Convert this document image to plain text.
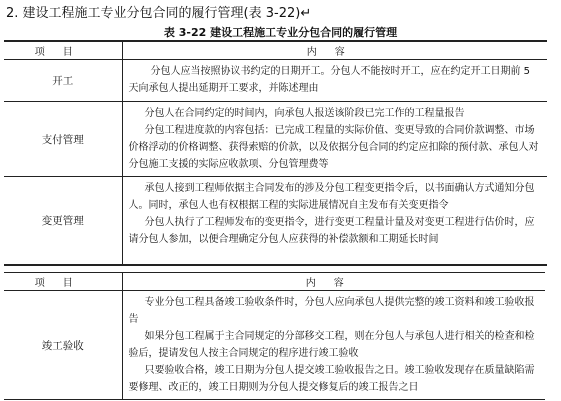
2. 建设工程施工专业分包合同的履行管理(表 3-22)↵
表 3-22 建设工程施工专业分包合同的履行管理
项目	内容
开工	分包人应当按照协议书约定的日期开工。分包人不能按时开工，应在约定开工日期前 5 天向承包人提出延期开工要求，并陈述理由

支付管理	分包人在合同约定的时间内，向承包人报送该阶段已完工作的工程量报告

分包工程进度款的内容包括：已完成工程量的实际价值、变更导致的合同价款调整、市场价格浮动的价格调整、获得索赔的价款，以及依据分包合同的约定应扣除的预付款、承包人对分包施工支援的实际应收款项、分包管理费等

变更管理	承包人接到工程师依据主合同发布的涉及分包工程变更指令后，以书面确认方式通知分包人。同时，承包人也有权根据工程的实际进展情况自主发布有关变更指令

分包人执行了工程师发布的变更指令，进行变更工程量计量及对变更工程进行估价时，应请分包人参加，以便合理确定分包人应获得的补偿款额和工期延长时间

项目	内容
竣工验收	专业分包工程具备竣工验收条件时，分包人应向承包人提供完整的竣工资料和竣工验收报告

如果分包工程属于主合同规定的分部移交工程，则在分包人与承包人进行相关的检查和检验后，提请发包人按主合同规定的程序进行竣工验收

只要验收合格，竣工日期为分包人提交竣工验收报告之日。竣工验收发现存在质量缺陷需要修理、改正的，竣工日期则为分包人提交修复后的竣工报告之日
